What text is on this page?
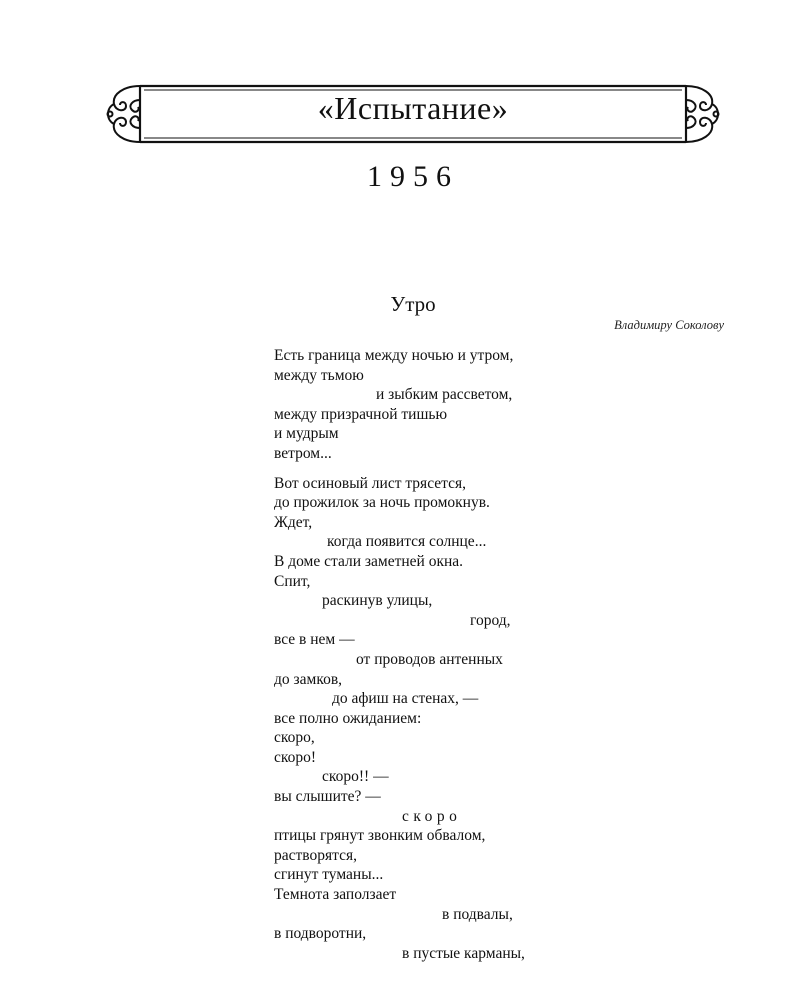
«Испытание»
1956
Утро
Владимиру Соколову
Есть граница между ночью и утром,
между тьмою
и зыбким рассветом,
между призрачной тишью
и мудрым
ветром...
Вот осиновый лист трясется,
до прожилок за ночь промокнув.
Ждет,
когда появится солнце...
В доме стали заметней окна.
Спит,
раскинув улицы,
город,
все в нем —
от проводов антенных
до замков,
до афиш на стенах, —
все полно ожиданием:
скоро,
скоро!
скоро!! —
вы слышите? —
скоро
птицы грянут звонким обвалом,
растворятся,
сгинут туманы...
Темнота заползает
в подвалы,
в подворотни,
в пустые карманы,
